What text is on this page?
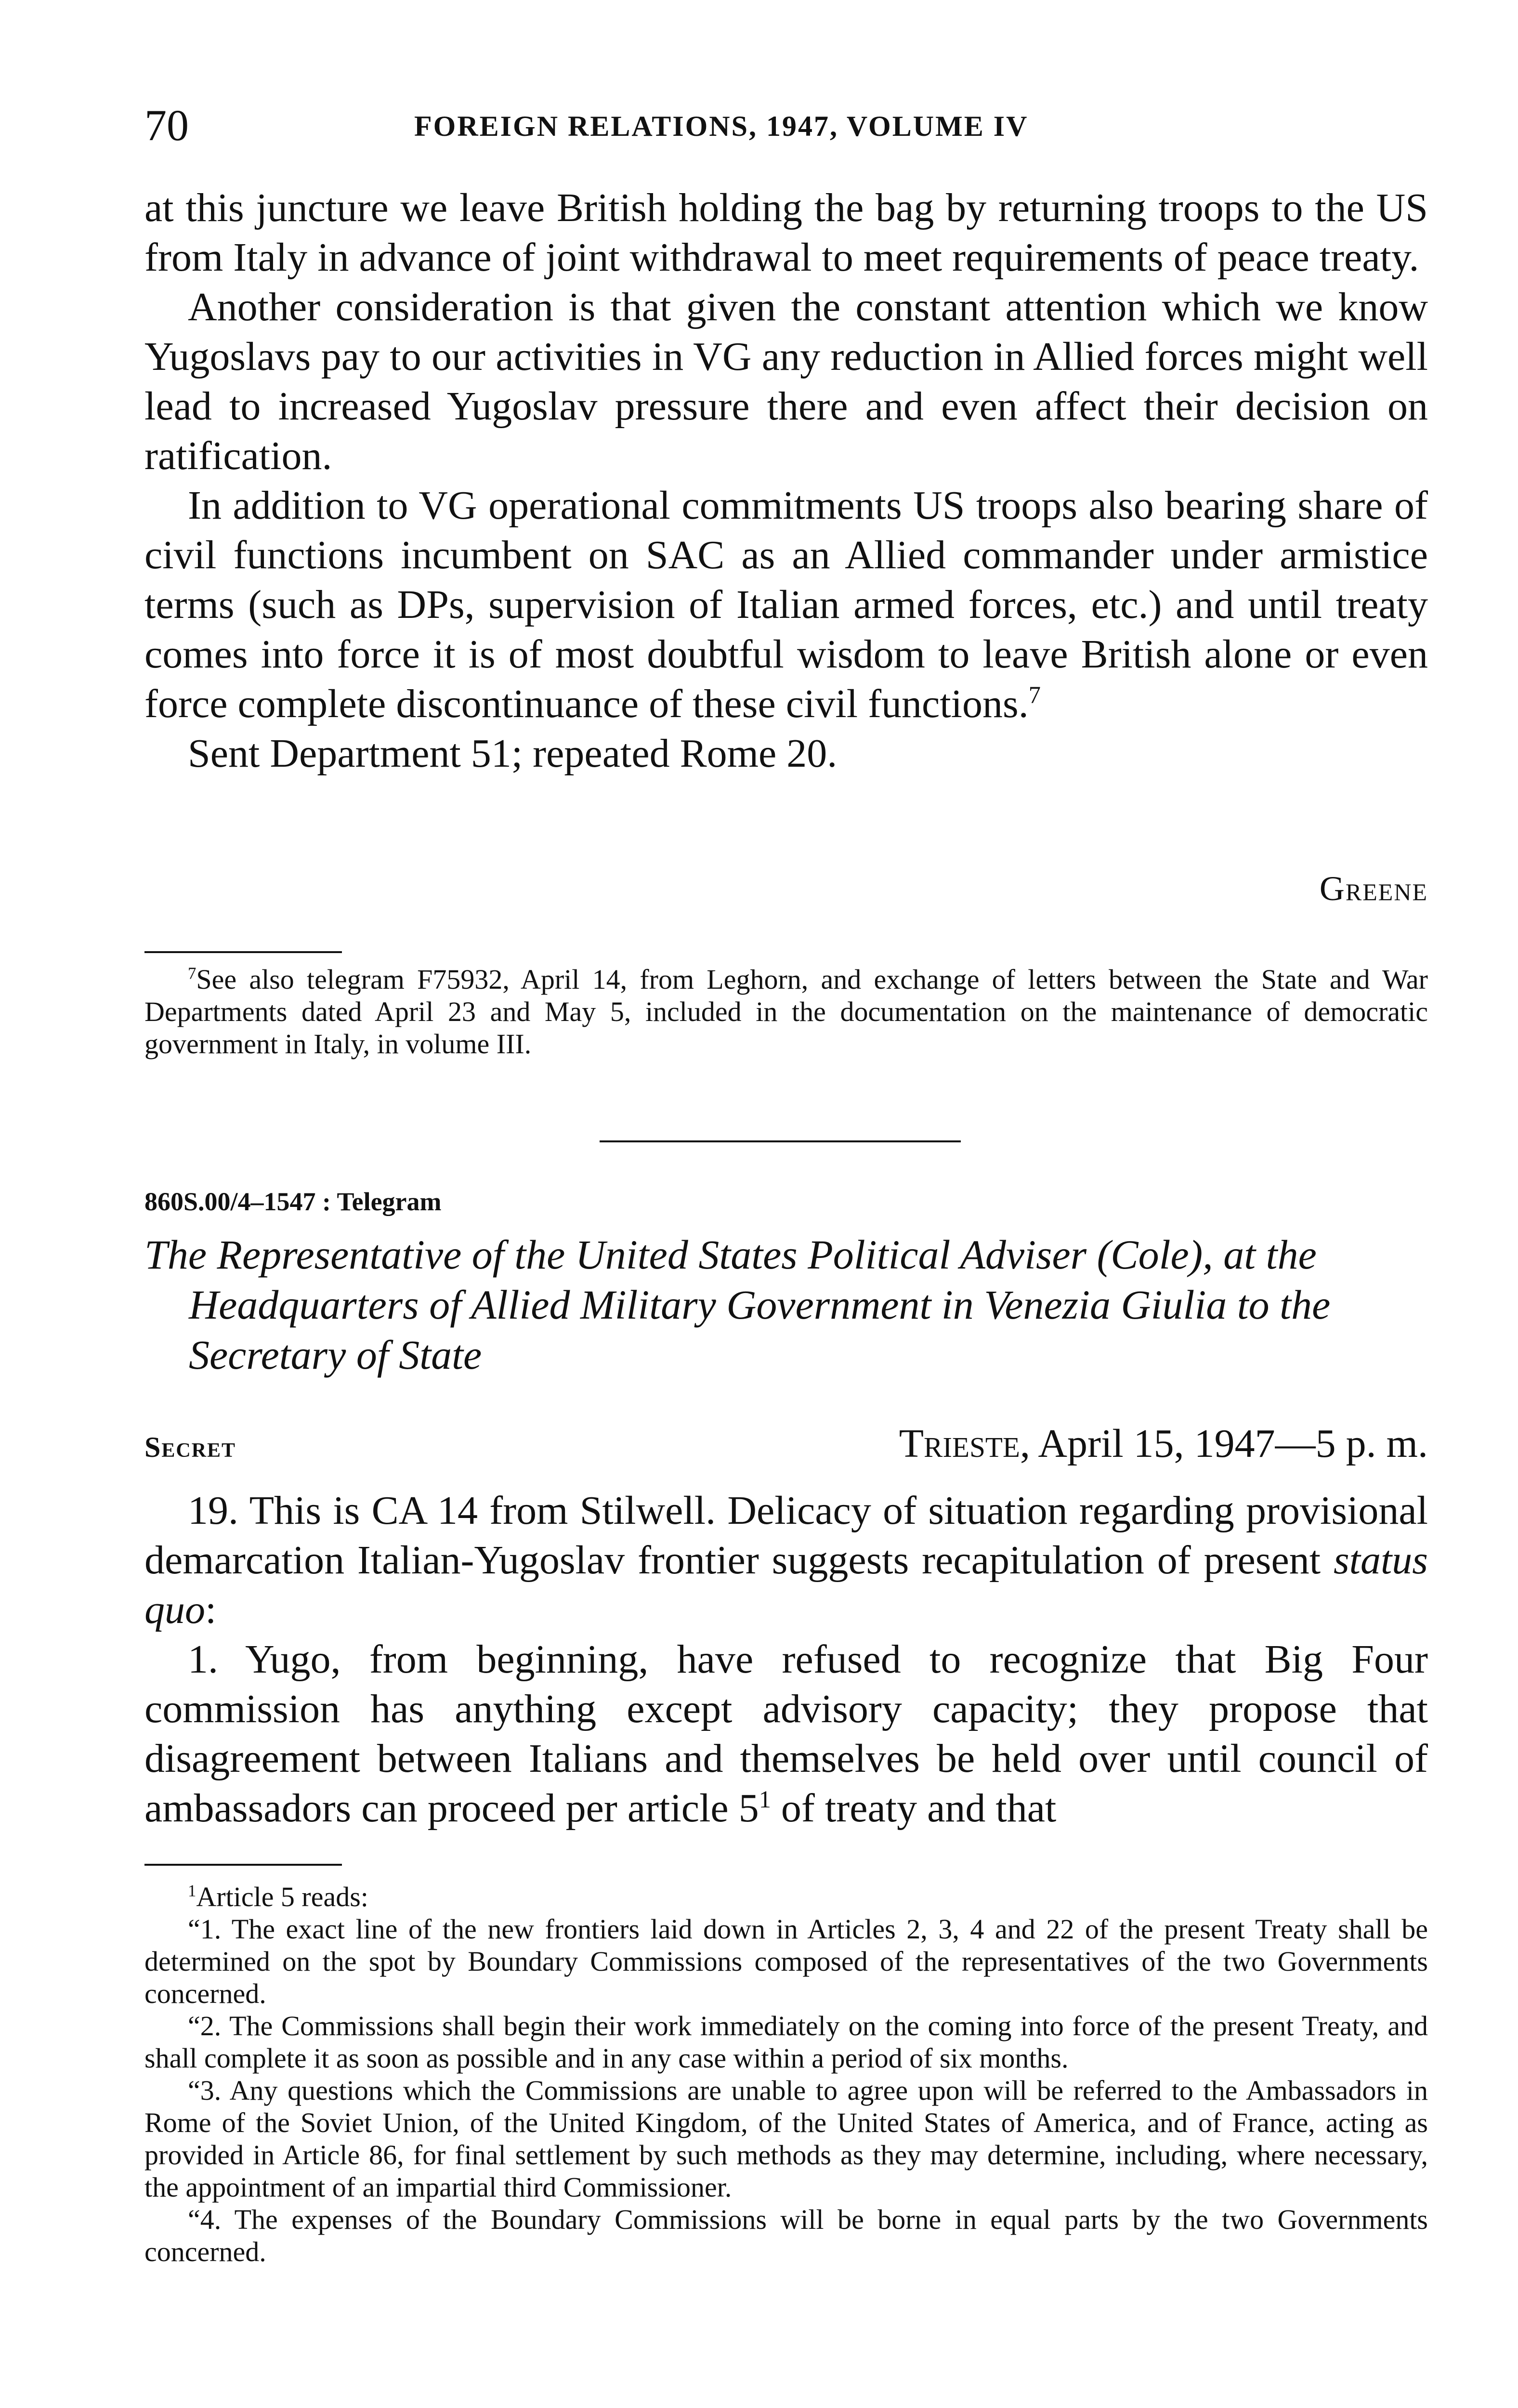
70	FOREIGN RELATIONS, 1947, VOLUME IV

at this juncture we leave British holding the bag by returning troops to the US from Italy in advance of joint withdrawal to meet requirements of peace treaty.

Another consideration is that given the constant attention which we know Yugoslavs pay to our activities in VG any reduction in Allied forces might well lead to increased Yugoslav pressure there and even affect their decision on ratification.

In addition to VG operational commitments US troops also bearing share of civil functions incumbent on SAC as an Allied commander under armistice terms (such as DPs, supervision of Italian armed forces, etc.) and until treaty comes into force it is of most doubtful wisdom to leave British alone or even force complete discontinuance of these civil functions.$^7$

Sent Department 51; repeated Rome 20.

Greene

$^7$See also telegram F75932, April 14, from Leghorn, and exchange of letters between the State and War Departments dated April 23 and May 5, included in the documentation on the maintenance of democratic government in Italy, in volume III.

860S.00/4–1547 : Telegram
The Representative of the United States Political Adviser (Cole), at the Headquarters of Allied Military Government in Venezia Giulia to the Secretary of State
Secret	Trieste, April 15, 1947—5 p. m.

19. This is CA 14 from Stilwell. Delicacy of situation regarding provisional demarcation Italian-Yugoslav frontier suggests recapitulation of present status quo:

1. Yugo, from beginning, have refused to recognize that Big Four commission has anything except advisory capacity; they propose that disagreement between Italians and themselves be held over until council of ambassadors can proceed per article $5^1$ of treaty and that

$^1$Article 5 reads:

“1. The exact line of the new frontiers laid down in Articles 2, 3, 4 and 22 of the present Treaty shall be determined on the spot by Boundary Commissions composed of the representatives of the two Governments concerned.

“2. The Commissions shall begin their work immediately on the coming into force of the present Treaty, and shall complete it as soon as possible and in any case within a period of six months.

“3. Any questions which the Commissions are unable to agree upon will be referred to the Ambassadors in Rome of the Soviet Union, of the United Kingdom, of the United States of America, and of France, acting as provided in Article 86, for final settlement by such methods as they may determine, including, where necessary, the appointment of an impartial third Commissioner.

“4. The expenses of the Boundary Commissions will be borne in equal parts by the two Governments concerned.
